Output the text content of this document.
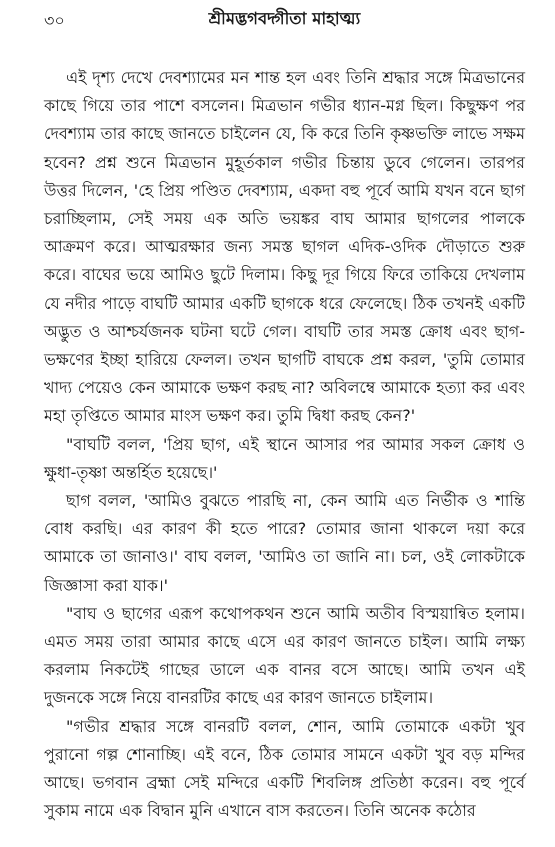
৩০	শ্রীমদ্ভগবদ্গীতা মাহাত্ম্য

এই দৃশ্য দেখে দেবশ্যামের মন শান্ত হল এবং তিনি শ্রদ্ধার সঙ্গে মিত্রভানের কাছে গিয়ে তার পাশে বসলেন। মিত্রভান গভীর ধ্যান-মগ্ন ছিল। কিছুক্ষণ পর দেবশ্যাম তার কাছে জানতে চাইলেন যে, কি করে তিনি কৃষ্ণভক্তি লাভে সক্ষম হবেন? প্রশ্ন শুনে মিত্রভান মুহূর্তকাল গভীর চিন্তায় ডুবে গেলেন। তারপর উত্তর দিলেন, 'হে প্রিয় পণ্ডিত দেবশ্যাম, একদা বহু পূর্বে আমি যখন বনে ছাগ চরাচ্ছিলাম, সেই সময় এক অতি ভয়ঙ্কর বাঘ আমার ছাগলের পালকে আক্রমণ করে। আত্মরক্ষার জন্য সমস্ত ছাগল এদিক-ওদিক দৌড়াতে শুরু করে। বাঘের ভয়ে আমিও ছুটে দিলাম। কিছু দূর গিয়ে ফিরে তাকিয়ে দেখলাম যে নদীর পাড়ে বাঘটি আমার একটি ছাগকে ধরে ফেলেছে। ঠিক তখনই একটি অদ্ভুত ও আশ্চর্যজনক ঘটনা ঘটে গেল। বাঘটি তার সমস্ত ক্রোধ এবং ছাগ-ভক্ষণের ইচ্ছা হারিয়ে ফেলল। তখন ছাগটি বাঘকে প্রশ্ন করল, 'তুমি তোমার খাদ্য পেয়েও কেন আমাকে ভক্ষণ করছ না? অবিলম্বে আমাকে হত্যা কর এবং মহা তৃপ্তিতে আমার মাংস ভক্ষণ কর। তুমি দ্বিধা করছ কেন?'

"বাঘটি বলল, 'প্রিয় ছাগ, এই স্থানে আসার পর আমার সকল ক্রোধ ও ক্ষুধা-তৃষ্ণা অন্তর্হিত হয়েছে।'

ছাগ বলল, 'আমিও বুঝতে পারছি না, কেন আমি এত নির্ভীক ও শান্তি বোধ করছি। এর কারণ কী হতে পারে? তোমার জানা থাকলে দয়া করে আমাকে তা জানাও।' বাঘ বলল, 'আমিও তা জানি না। চল, ওই লোকটাকে জিজ্ঞাসা করা যাক।'

"বাঘ ও ছাগের এরূপ কথোপকথন শুনে আমি অতীব বিস্ময়ান্বিত হলাম। এমত সময় তারা আমার কাছে এসে এর কারণ জানতে চাইল। আমি লক্ষ্য করলাম নিকটেই গাছের ডালে এক বানর বসে আছে। আমি তখন এই দুজনকে সঙ্গে নিয়ে বানরটির কাছে এর কারণ জানতে চাইলাম।

"গভীর শ্রদ্ধার সঙ্গে বানরটি বলল, শোন, আমি তোমাকে একটা খুব পুরানো গল্প শোনাচ্ছি। এই বনে, ঠিক তোমার সামনে একটা খুব বড় মন্দির আছে। ভগবান ব্রহ্মা সেই মন্দিরে একটি শিবলিঙ্গ প্রতিষ্ঠা করেন। বহু পূর্বে সুকাম নামে এক বিদ্বান মুনি এখানে বাস করতেন। তিনি অনেক কঠোর
